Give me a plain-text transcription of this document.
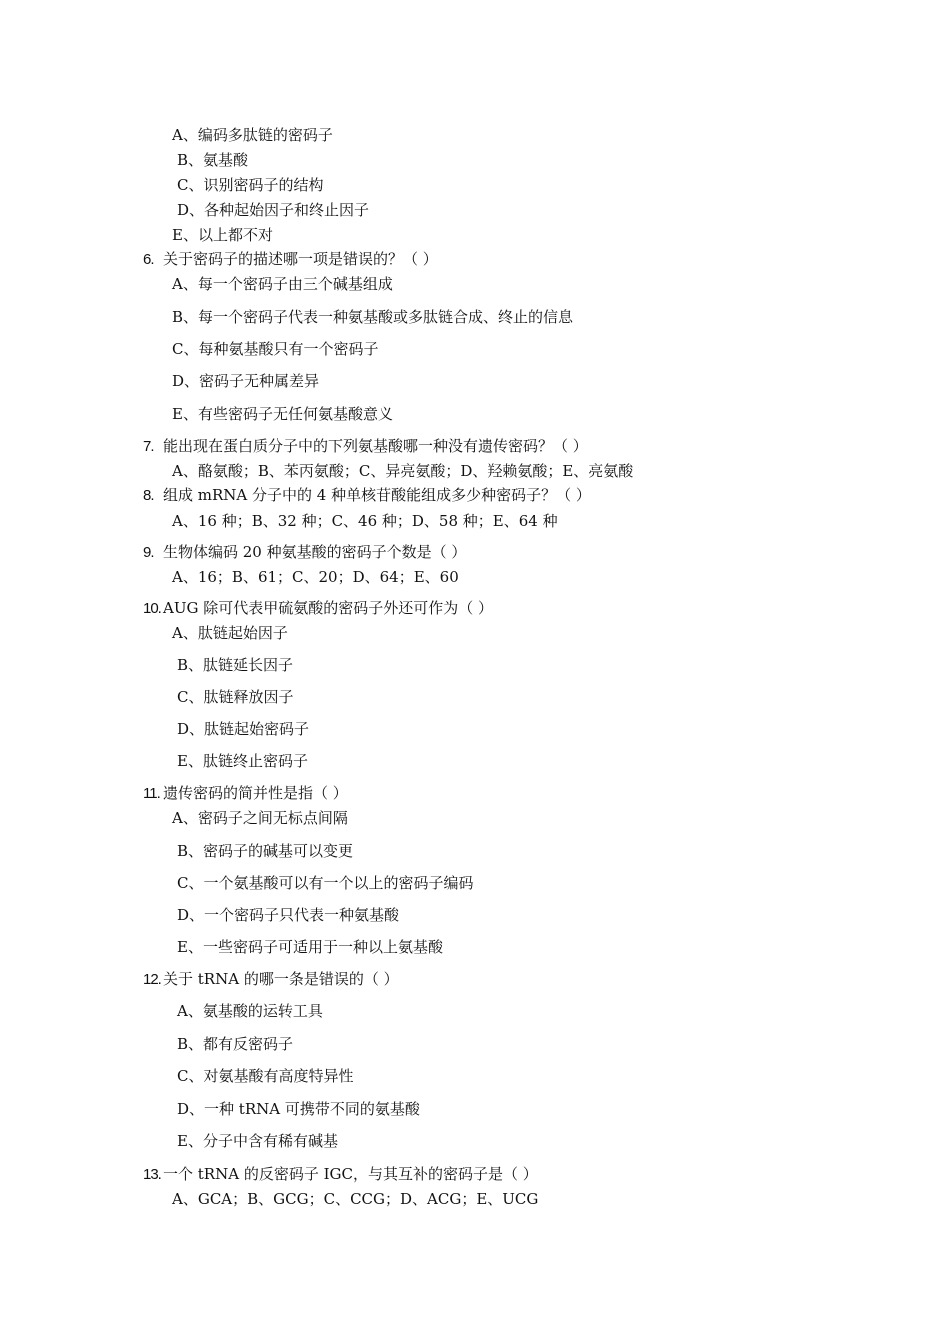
A、编码多肽链的密码子
B、氨基酸
C、识别密码子的结构
D、各种起始因子和终止因子
E、以上都不对
6. 关于密码子的描述哪一项是错误的？（ ）
A、每一个密码子由三个碱基组成
B、每一个密码子代表一种氨基酸或多肽链合成、终止的信息
C、每种氨基酸只有一个密码子
D、密码子无种属差异
E、有些密码子无任何氨基酸意义
7. 能出现在蛋白质分子中的下列氨基酸哪一种没有遗传密码？（ ）
A、酪氨酸；B、苯丙氨酸；C、异亮氨酸；D、羟赖氨酸；E、亮氨酸
8. 组成 mRNA 分子中的 4 种单核苷酸能组成多少种密码子？（ ）
A、16 种；B、32 种；C、46 种；D、58 种；E、64 种
9. 生物体编码 20 种氨基酸的密码子个数是（ ）
A、16；B、61；C、20；D、64；E、60
10. AUG 除可代表甲硫氨酸的密码子外还可作为（ ）
A、肽链起始因子
B、肽链延长因子
C、肽链释放因子
D、肽链起始密码子
E、肽链终止密码子
11. 遗传密码的简并性是指（ ）
A、密码子之间无标点间隔
B、密码子的碱基可以变更
C、一个氨基酸可以有一个以上的密码子编码
D、一个密码子只代表一种氨基酸
E、一些密码子可适用于一种以上氨基酸
12. 关于 tRNA 的哪一条是错误的（ ）
A、氨基酸的运转工具
B、都有反密码子
C、对氨基酸有高度特异性
D、一种 tRNA 可携带不同的氨基酸
E、分子中含有稀有碱基
13. 一个 tRNA 的反密码子 IGC，与其互补的密码子是（ ）
A、GCA；B、GCG；C、CCG；D、ACG；E、UCG
